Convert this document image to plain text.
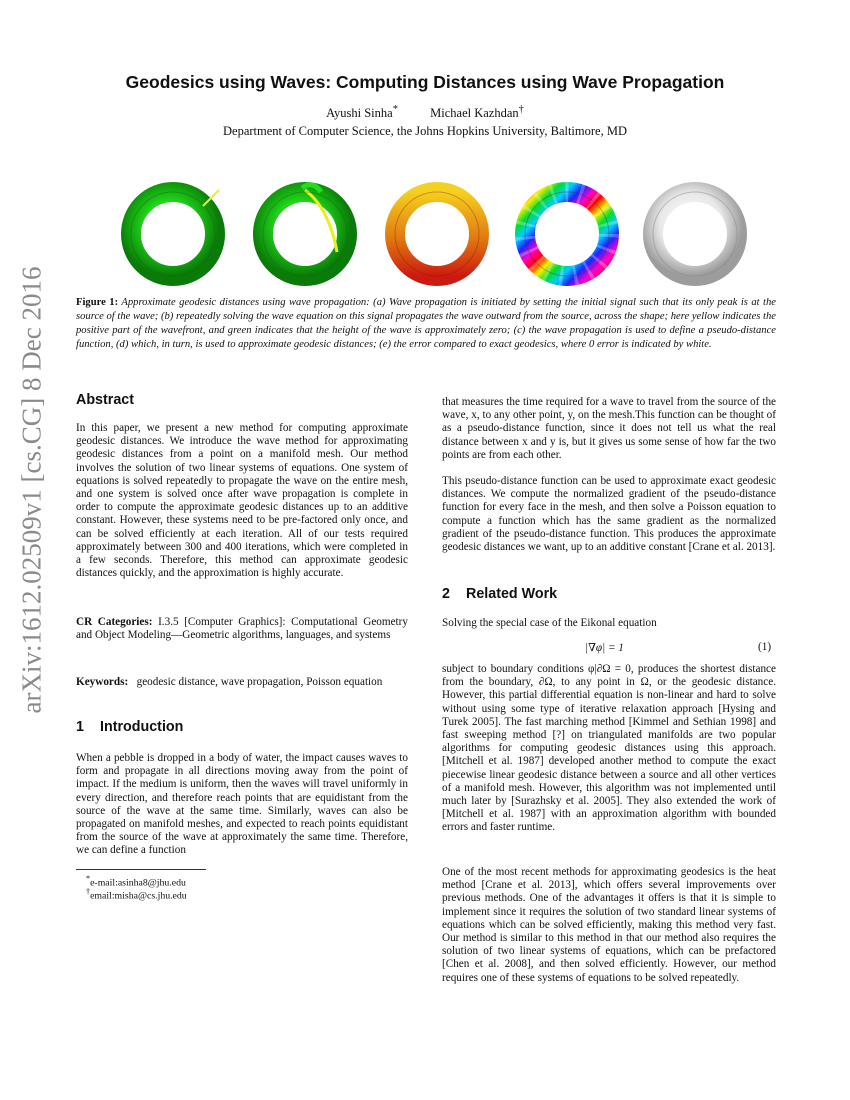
Geodesics using Waves: Computing Distances using Wave Propagation
Ayushi Sinha*	Michael Kazhdan†
Department of Computer Science, the Johns Hopkins University, Baltimore, MD
arXiv:1612.02509v1 [cs.CG] 8 Dec 2016	Figure 1: Approximate geodesic distances using wave propagation: (a) Wave propagation is initiated by setting the initial signal such that its only peak is at the source of the wave; (b) repeatedly solving the wave equation on this signal propagates the wave outward from the source, across the shape; here yellow indicates the positive part of the wavefront, and green indicates that the height of the wave is approximately zero; (c) the wave propagation is used to define a pseudo-distance function, (d) which, in turn, is used to approximate geodesic distances; (e) the error compared to exact geodesics, where 0 error is indicated by white.
Abstract

In this paper, we present a new method for computing approximate geodesic distances. We introduce the wave method for approximating geodesic distances from a point on a manifold mesh. Our method involves the solution of two linear systems of equations. One system of equations is solved repeatedly to propagate the wave on the entire mesh, and one system is solved once after wave propagation is complete in order to compute the approximate geodesic distances up to an additive constant. However, these systems need to be pre-factored only once, and can be solved efficiently at each iteration. All of our tests required approximately between 300 and 400 iterations, which were completed in a few seconds. Therefore, this method can approximate geodesic distances quickly, and the approximation is highly accurate.

CR Categories: I.3.5 [Computer Graphics]: Computational Geometry and Object Modeling—Geometric algorithms, languages, and systems

Keywords: geodesic distance, wave propagation, Poisson equation

1 Introduction

When a pebble is dropped in a body of water, the impact causes waves to form and propagate in all directions moving away from the point of impact. If the medium is uniform, then the waves will travel uniformly in every direction, and therefore reach points that are equidistant from the source of the wave at the same time. Similarly, waves can also be propagated on manifold meshes, and expected to reach points equidistant from the source of the wave at approximately the same time. Therefore, we can define a function

*e-mail:asinha8@jhu.edu
†email:misha@cs.jhu.edu

that measures the time required for a wave to travel from the source of the wave, x, to any other point, y, on the mesh.This function can be thought of as a pseudo-distance function, since it does not tell us what the real distance between x and y is, but it gives us some sense of how far the two points are from each other.

This pseudo-distance function can be used to approximate exact geodesic distances. We compute the normalized gradient of the pseudo-distance function for every face in the mesh, and then solve a Poisson equation to compute a function which has the same gradient as the normalized gradient of the pseudo-distance function. This produces the approximate geodesic distances we want, up to an additive constant [Crane et al. 2013].

2 Related Work

Solving the special case of the Eikonal equation

|∇φ| = 1	(1)

subject to boundary conditions φ|∂Ω = 0, produces the shortest distance from the boundary, ∂Ω, to any point in Ω, or the geodesic distance. However, this partial differential equation is non-linear and hard to solve without using some type of iterative relaxation approach [Hysing and Turek 2005]. The fast marching method [Kimmel and Sethian 1998] and fast sweeping method [?] on triangulated manifolds are two popular algorithms for computing geodesic distances using this approach. [Mitchell et al. 1987] developed another method to compute the exact piecewise linear geodesic distance between a source and all other vertices of a manifold mesh. However, this algorithm was not implemented until much later by [Surazhsky et al. 2005]. They also extended the work of [Mitchell et al. 1987] with an approximation algorithm with bounded errors and faster runtime.

One of the most recent methods for approximating geodesics is the heat method [Crane et al. 2013], which offers several improvements over previous methods. One of the advantages it offers is that it is simple to implement since it requires the solution of two standard linear systems of equations which can be solved efficiently, making this method very fast. Our method is similar to this method in that our method also requires the solution of two linear systems of equations, which can be prefactored [Chen et al. 2008], and then solved efficiently. However, our method requires one of these systems of equations to be solved repeatedly.
